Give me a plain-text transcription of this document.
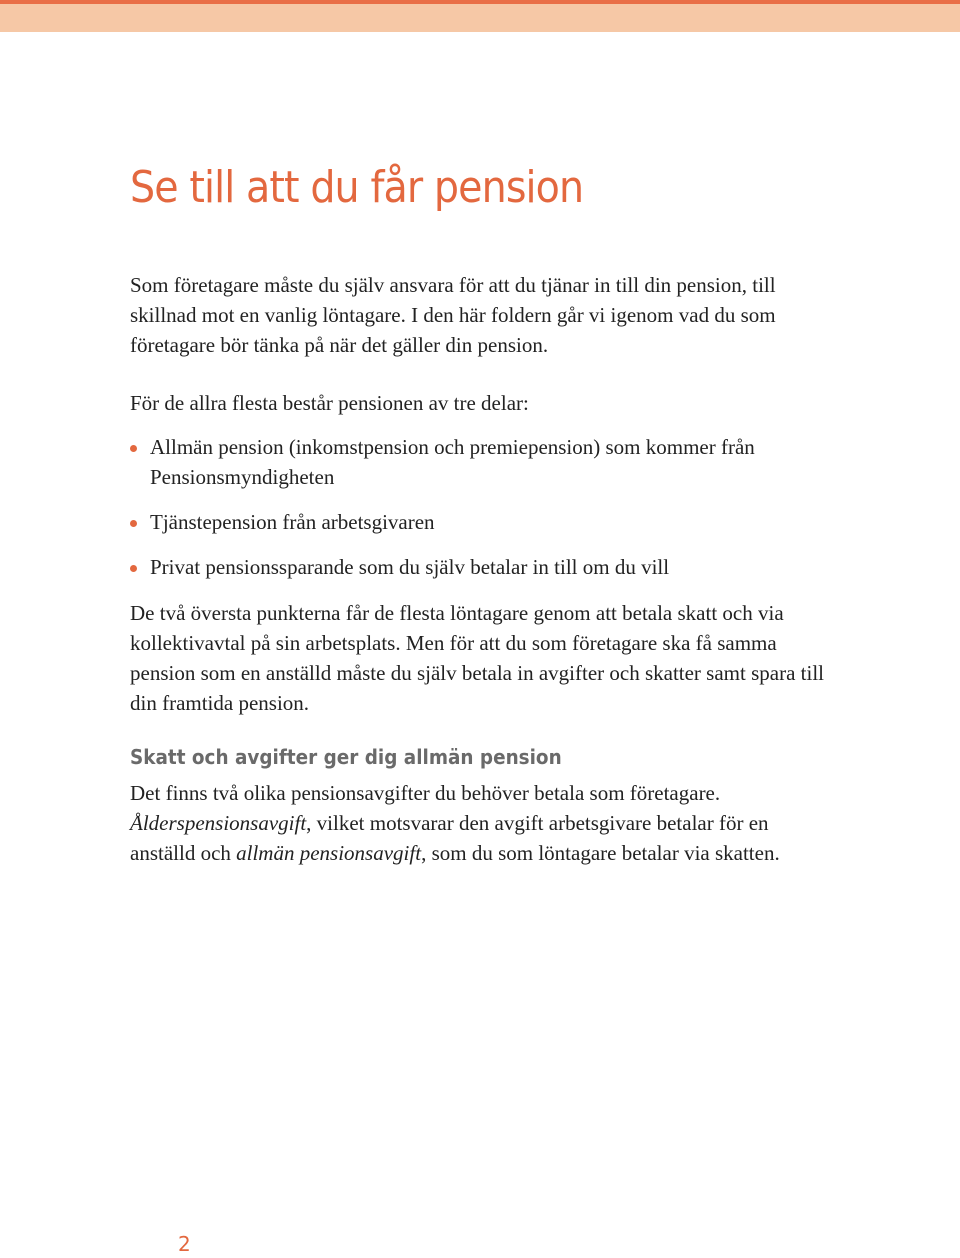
Se till att du får pension

Som företagare måste du själv ansvara för att du tjänar in till din pension, till skillnad mot en vanlig löntagare. I den här foldern går vi igenom vad du som företagare bör tänka på när det gäller din pension.

För de allra flesta består pensionen av tre delar:

Allmän pension (inkomstpension och premiepension) som kommer från Pensionsmyndigheten
Tjänstepension från arbetsgivaren
Privat pensionssparande som du själv betalar in till om du vill

De två översta punkterna får de flesta löntagare genom att betala skatt och via kollektivavtal på sin arbetsplats. Men för att du som företagare ska få samma pension som en anställd måste du själv betala in avgifter och skatter samt spara till din framtida pension.

Skatt och avgifter ger dig allmän pension

Det finns två olika pensionsavgifter du behöver betala som företagare. Ålderspensionsavgift, vilket motsvarar den avgift arbetsgivare betalar för en anställd och allmän pensionsavgift, som du som löntagare betalar via skatten.

2
